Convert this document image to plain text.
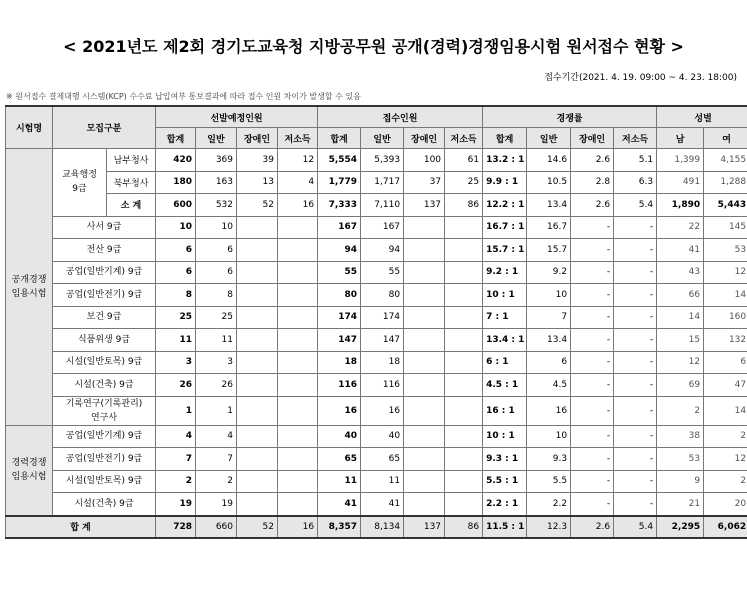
< 2021년도 제2회 경기도교육청 지방공무원 공개(경력)경쟁임용시험 원서접수 현황 >
접수기간(2021. 4. 19. 09:00 ~ 4. 23. 18:00)
※ 원서접수 결제대행 시스템(KCP) 수수료 납입여부 통보결과에 따라 접수 인원 차이가 발생할 수 있음
시험명	모집구분		선발예정인원				접수인원				경쟁률				성별	
			합계	일반	장애인	저소득	합계	일반	장애인	저소득	합계	일반	장애인	저소득	남	여
공개경쟁
임용시험	교육행정
9급	남부청사	420	369	39	12	5,554	5,393	100	61	13.2 : 1	14.6	2.6	5.1	1,399	4,155
		북부청사	180	163	13	4	1,779	1,717	37	25	9.9 : 1	10.5	2.8	6.3	491	1,288
		소 계	600	532	52	16	7,333	7,110	137	86	12.2 : 1	13.4	2.6	5.4	1,890	5,443
	사서 9급		10	10			167	167			16.7 : 1	16.7	-	-	22	145
	전산 9급		6	6			94	94			15.7 : 1	15.7	-	-	41	53
	공업(일반기계) 9급		6	6			55	55			9.2 : 1	9.2	-	-	43	12
	공업(일반전기) 9급		8	8			80	80			10 : 1	10	-	-	66	14
	보건 9급		25	25			174	174			7 : 1	7	-	-	14	160
	식품위생 9급		11	11			147	147			13.4 : 1	13.4	-	-	15	132
	시설(일반토목) 9급		3	3			18	18			6 : 1	6	-	-	12	6
	시설(건축) 9급		26	26			116	116			4.5 : 1	4.5	-	-	69	47
	기록연구(기록관리)
연구사		1	1			16	16			16 : 1	16	-	-	2	14
경력경쟁
임용시험	공업(일반기계) 9급		4	4			40	40			10 : 1	10	-	-	38	2
	공업(일반전기) 9급		7	7			65	65			9.3 : 1	9.3	-	-	53	12
	시설(일반토목) 9급		2	2			11	11			5.5 : 1	5.5	-	-	9	2
	시설(건축) 9급		19	19			41	41			2.2 : 1	2.2	-	-	21	20
합 계			728	660	52	16	8,357	8,134	137	86	11.5 : 1	12.3	2.6	5.4	2,295	6,062
